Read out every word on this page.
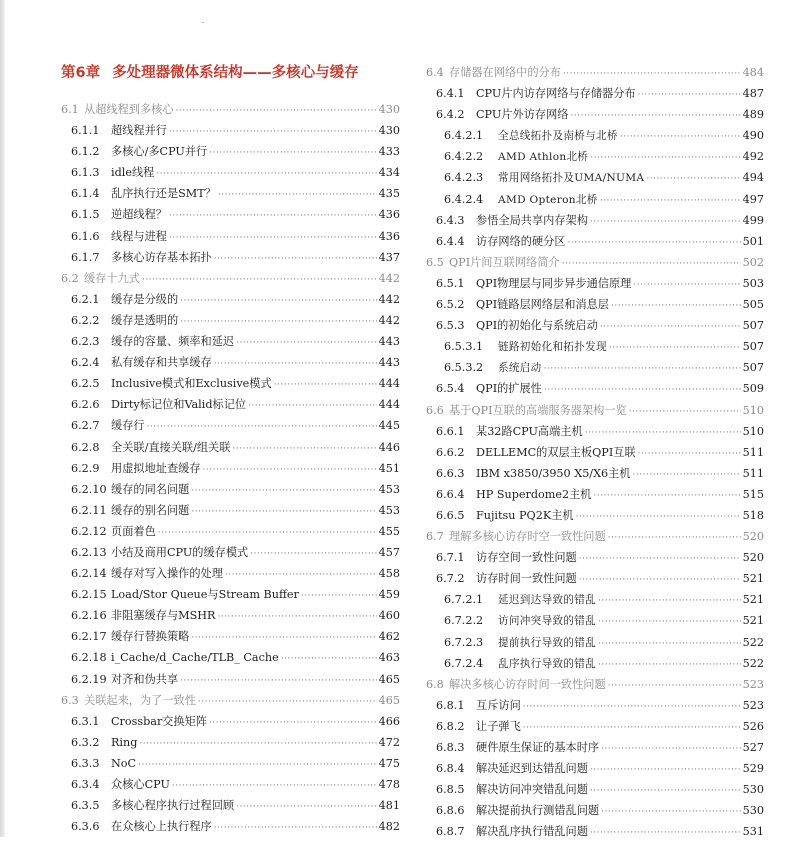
第6章 多处理器微体系结构——多核心与缓存
6.1 从超线程到多核心 ·····	430
6.1.1	超线程并行 ·····	430
6.1.2	多核心/多CPU并行 ·····	433
6.1.3	idle线程 ·····	434
6.1.4	乱序执行还是SMT？ ·····	435
6.1.5	逆超线程？ ·····	436
6.1.6	线程与进程 ·····	436
6.1.7	多核心访存基本拓扑 ·····	437
6.2 缓存十九式 ·····	442
6.2.1	缓存是分级的 ·····	442
6.2.2	缓存是透明的 ·····	442
6.2.3	缓存的容量、频率和延迟 ·····	443
6.2.4	私有缓存和共享缓存 ·····	443
6.2.5	Inclusive模式和Exclusive模式 ·····	444
6.2.6	Dirty标记位和Valid标记位 ·····	444
6.2.7	缓存行 ·····	445
6.2.8	全关联/直接关联/组关联 ·····	446
6.2.9	用虚拟地址查缓存 ·····	451
6.2.10 缓存的同名问题 ·····	453
6.2.11 缓存的别名问题 ·····	453
6.2.12 页面着色 ·····	455
6.2.13 小结及商用CPU的缓存模式 ·····	457
6.2.14 缓存对写入操作的处理 ·····	458
6.2.15 Load/Stor Queue与Stream Buffer ·····	459
6.2.16 非阻塞缓存与MSHR ·····	460
6.2.17 缓存行替换策略 ·····	462
6.2.18 i_Cache/d_Cache/TLB_ Cache ·····	463
6.2.19 对齐和伪共享 ·····	465
6.3 关联起来，为了一致性 ·····	465
6.3.1	Crossbar交换矩阵 ·····	466
6.3.2	Ring ·····	472
6.3.3	NoC ·····	475
6.3.4	众核心CPU ·····	478
6.3.5	多核心程序执行过程回顾 ·····	481
6.3.6	在众核心上执行程序 ·····	482
6.4 存储器在网络中的分布 ·····	484
6.4.1	CPU片内访存网络与存储器分布 ·····	487
6.4.2	CPU片外访存网络 ·····	489
6.4.2.1	全总线拓扑及南桥与北桥 ·····	490
6.4.2.2	AMD Athlon北桥 ·····	492
6.4.2.3	常用网络拓扑及UMA/NUMA ·····	494
6.4.2.4	AMD Opteron北桥 ·····	497
6.4.3	参悟全局共享内存架构 ·····	499
6.4.4	访存网络的硬分区 ·····	501
6.5 QPI片间互联网络简介 ·····	502
6.5.1	QPI物理层与同步异步通信原理 ·····	503
6.5.2	QPI链路层网络层和消息层 ·····	505
6.5.3	QPI的初始化与系统启动 ·····	507
6.5.3.1	链路初始化和拓扑发现 ·····	507
6.5.3.2	系统启动 ·····	507
6.5.4	QPI的扩展性 ·····	509
6.6 基于QPI互联的高端服务器架构一览 ·····	510
6.6.1	某32路CPU高端主机 ·····	510
6.6.2	DELLEMC的双层主板QPI互联 ·····	511
6.6.3	IBM x3850/3950 X5/X6主机 ·····	511
6.6.4	HP Superdome2主机 ·····	515
6.6.5	Fujitsu PQ2K主机 ·····	518
6.7 理解多核心访存时空一致性问题 ·····	520
6.7.1	访存空间一致性问题 ·····	520
6.7.2	访存时间一致性问题 ·····	521
6.7.2.1	延迟到达导致的错乱 ·····	521
6.7.2.2	访问冲突导致的错乱 ·····	521
6.7.2.3	提前执行导致的错乱 ·····	522
6.7.2.4	乱序执行导致的错乱 ·····	522
6.8 解决多核心访存时间一致性问题 ·····	523
6.8.1	互斥访问 ·····	523
6.8.2	让子弹飞 ·····	526
6.8.3	硬件原生保证的基本时序 ·····	527
6.8.4	解决延迟到达错乱问题 ·····	529
6.8.5	解决访问冲突错乱问题 ·····	530
6.8.6	解决提前执行测错乱问题 ·····	530
6.8.7	解决乱序执行错乱问题 ·····	531
